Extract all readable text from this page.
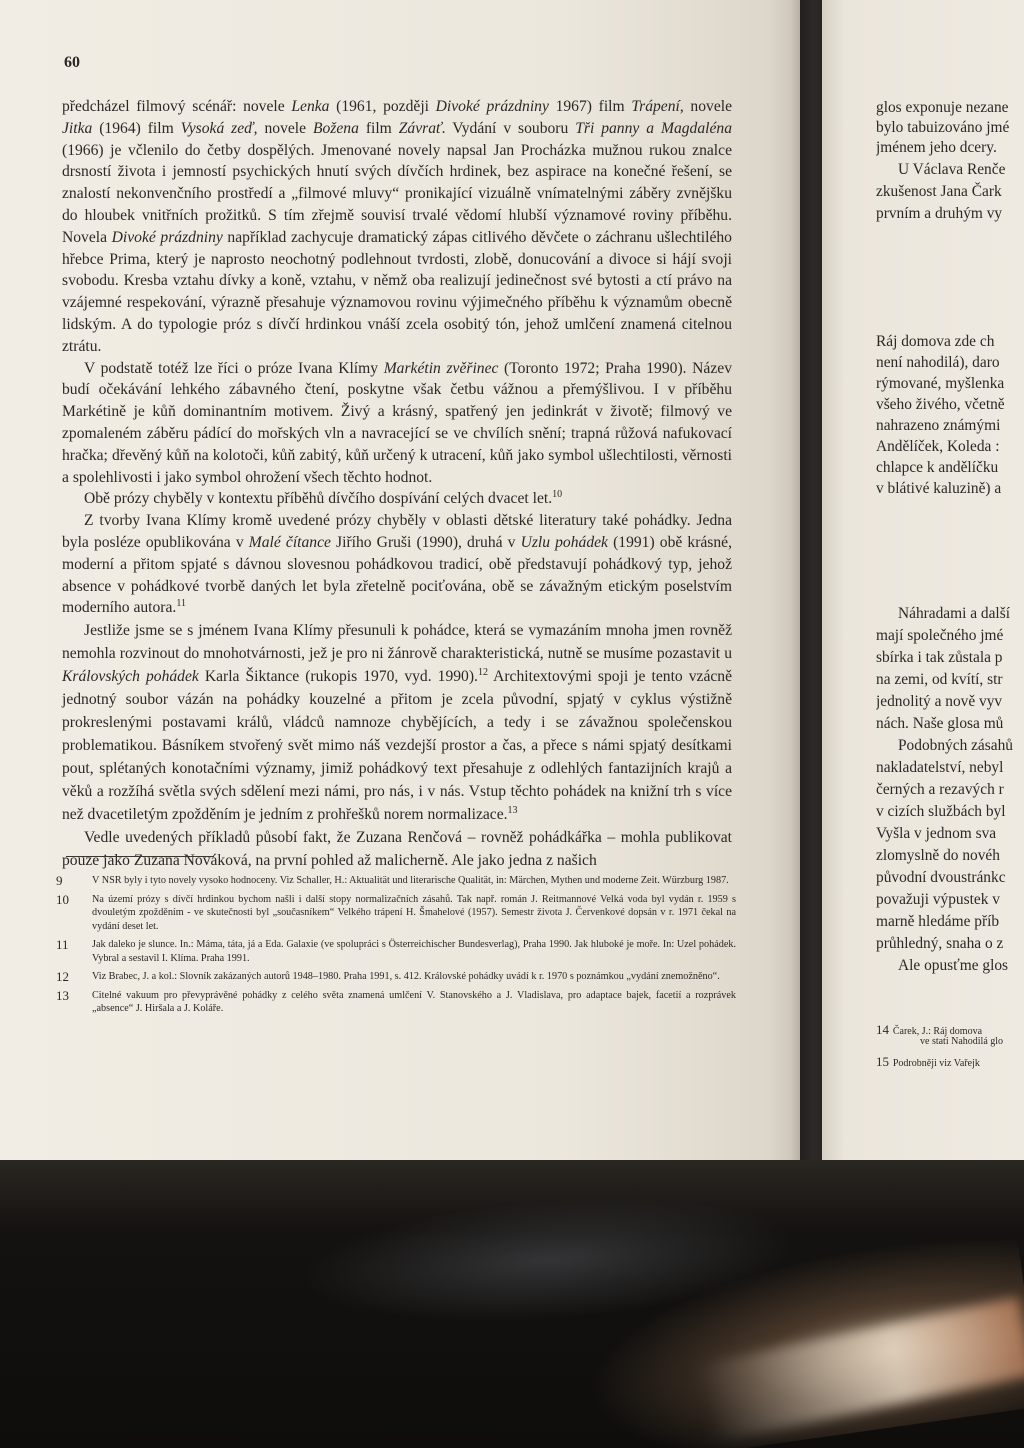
60

předcházel filmový scénář: novele Lenka (1961, později Divoké prázdniny 1967) film Trápení, novele Jitka (1964) film Vysoká zeď, novele Božena film Závrať. Vydání v souboru Tři panny a Magdaléna (1966) je včlenilo do četby dospělých. Jmenované novely napsal Jan Procházka mužnou rukou znalce drsností života i jemností psychických hnutí svých dívčích hrdinek, bez aspirace na konečné řešení, se znalostí nekonvenčního prostředí a „filmové mluvy“ pronikající vizuálně vnímatelnými záběry zvnějšku do hloubek vnitřních prožitků. S tím zřejmě souvisí trvalé vědomí hlubší významové roviny příběhu. Novela Divoké prázdniny například zachycuje dramatický zápas citlivého děvčete o záchranu ušlechtilého hřebce Prima, který je naprosto neochotný podlehnout tvrdosti, zlobě, donucování a divoce si hájí svoji svobodu. Kresba vztahu dívky a koně, vztahu, v němž oba realizují jedinečnost své bytosti a ctí právo na vzájemné respekování, výrazně přesahuje významovou rovinu výjimečného příběhu k významům obecně lidským. A do typologie próz s dívčí hrdinkou vnáší zcela osobitý tón, jehož umlčení znamená citelnou ztrátu.

V podstatě totéž lze říci o próze Ivana Klímy Markétin zvěřinec (Toronto 1972; Praha 1990). Název budí očekávání lehkého zábavného čtení, poskytne však četbu vážnou a přemýšlivou. I v příběhu Markétině je kůň dominantním motivem. Živý a krásný, spatřený jen jedinkrát v životě; filmový ve zpomaleném záběru pádící do mořských vln a navracející se ve chvílích snění; trapná růžová nafukovací hračka; dřevěný kůň na kolotoči, kůň zabitý, kůň určený k utracení, kůň jako symbol ušlechtilosti, věrnosti a spolehlivosti i jako symbol ohrožení všech těchto hodnot.

Obě prózy chyběly v kontextu příběhů dívčího dospívání celých dvacet let.$^{10}$

Z tvorby Ivana Klímy kromě uvedené prózy chyběly v oblasti dětské literatury také pohádky. Jedna byla posléze opublikována v Malé čítance Jiřího Gruši (1990), druhá v Uzlu pohádek (1991) obě krásné, moderní a přitom spjaté s dávnou slovesnou pohádkovou tradicí, obě představují pohádkový typ, jehož absence v pohádkové tvorbě daných let byla zřetelně pociťována, obě se závažným etickým poselstvím moderního autora.$^{11}$

Jestliže jsme se s jménem Ivana Klímy přesunuli k pohádce, která se vymazáním mnoha jmen rovněž nemohla rozvinout do mnohotvárnosti, jež je pro ni žánrově charakteristická, nutně se musíme pozastavit u Královských pohádek Karla Šiktance (rukopis 1970, vyd. 1990).$^{12}$ Architextovými spoji je tento vzácně jednotný soubor vázán na pohádky kouzelné a přitom je zcela původní, spjatý v cyklus výstižně prokreslenými postavami králů, vládců namnoze chybějících, a tedy i se závažnou společenskou problematikou. Básníkem stvořený svět mimo náš vezdejší prostor a čas, a přece s námi spjatý desítkami pout, splétaných konotačními významy, jimiž pohádkový text přesahuje z odlehlých fantazijních krajů a věků a rozžíhá světla svých sdělení mezi námi, pro nás, i v nás. Vstup těchto pohádek na knižní trh s více než dvacetiletým zpožděním je jedním z prohřešků norem normalizace.$^{13}$

Vedle uvedených příkladů působí fakt, že Zuzana Renčová – rovněž pohádkářka – mohla publikovat pouze jako Zuzana Nováková, na první pohled až malicherně. Ale jako jedna z našich

9	V NSR byly i tyto novely vysoko hodnoceny. Viz Schaller, H.: Aktualität und literarische Qualität, in: Märchen, Mythen und moderne Zeit. Würzburg 1987.
10	Na území prózy s dívčí hrdinkou bychom našli i další stopy normalizačních zásahů. Tak např. román J. Reitmannové Velká voda byl vydán r. 1959 s dvouletým zpožděním - ve skutečnosti byl „současníkem“ Velkého trápení H. Šmahelové (1957). Semestr života J. Červenkové dopsán v r. 1971 čekal na vydání deset let.
11	Jak daleko je slunce. In.: Máma, táta, já a Eda. Galaxie (ve spolupráci s Österreichischer Bundesverlag), Praha 1990. Jak hluboké je moře. In: Uzel pohádek. Vybral a sestavil I. Klíma. Praha 1991.
12	Viz Brabec, J. a kol.: Slovník zakázaných autorů 1948–1980. Praha 1991, s. 412. Královské pohádky uvádí k r. 1970 s poznámkou „vydání znemožněno“.
13	Citelné vakuum pro převyprávěné pohádky z celého světa znamená umlčení V. Stanovského a J. Vladislava, pro adaptace bajek, facetií a rozprávek „absence“ J. Hiršala a J. Koláře.

glos exponuje nezane

bylo tabuizováno jmé

jménem jeho dcery.

U Václava Renče

zkušenost Jana Čark

prvním a druhým vy

Ráj domova zde ch

není nahodilá), daro

rýmované, myšlenka

všeho živého, včetně

nahrazeno známými

Andělíček, Koleda :

chlapce k andělíčku

v blátivé kaluzině) a

Náhradami a další

mají společného jmé

sbírka i tak zůstala p

na zemi, od kvítí, str

jednolitý a nově vyv

nách. Naše glosa mů

Podobných zásahů

nakladatelství, nebyl

černých a rezavých r

v cizích službách byl

Vyšla v jednom sva

zlomyslně do novéh

původní dvoustránkc

považuji výpustek v

marně hledáme příb

průhledný, snaha o z

Ale opusťme glos

14 Čarek, J.: Ráj domova

ve stati Nahodilá glo

15 Podrobněji viz Vařejk
